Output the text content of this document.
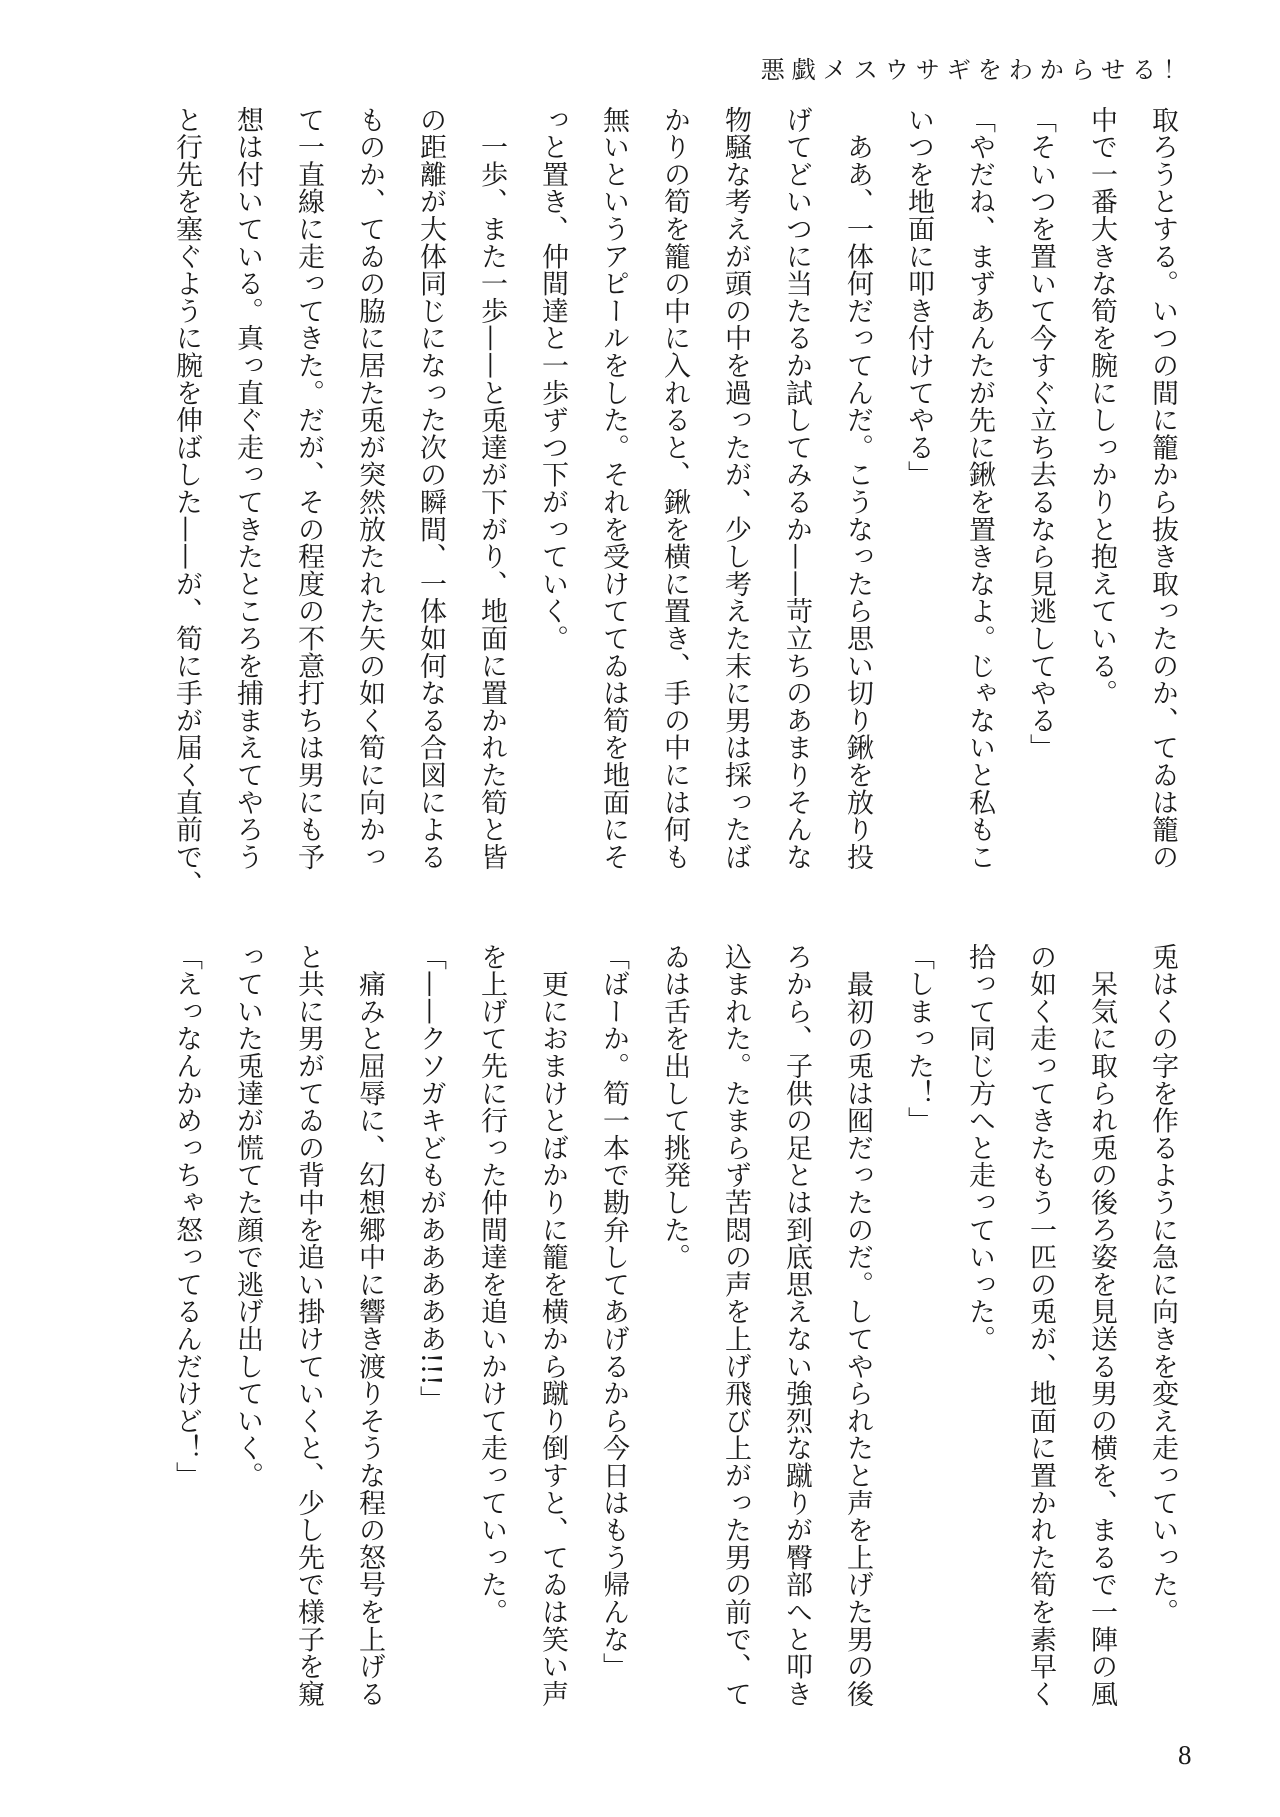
悪戯メスウサギをわからせる！
取ろうとする。いつの間に籠から抜き取ったのか、てゐは籠の
中で一番大きな筍を腕にしっかりと抱えている。
「そいつを置いて今すぐ立ち去るなら見逃してやる」
「やだね、まずあんたが先に鍬を置きなよ。じゃないと私もこ
いつを地面に叩き付けてやる」
　ああ、一体何だってんだ。こうなったら思い切り鍬を放り投
げてどいつに当たるか試してみるか——苛立ちのあまりそんな
物騒な考えが頭の中を過ったが、少し考えた末に男は採ったば
かりの筍を籠の中に入れると、鍬を横に置き、手の中には何も
無いというアピールをした。それを受けててゐは筍を地面にそ
っと置き、仲間達と一歩ずつ下がっていく。
　一歩、また一歩——と兎達が下がり、地面に置かれた筍と皆
の距離が大体同じになった次の瞬間、一体如何なる合図による
ものか、てゐの脇に居た兎が突然放たれた矢の如く筍に向かっ
て一直線に走ってきた。だが、その程度の不意打ちは男にも予
想は付いている。真っ直ぐ走ってきたところを捕まえてやろう
と行先を塞ぐように腕を伸ばした——が、筍に手が届く直前で、
兎はくの字を作るように急に向きを変え走っていった。
　呆気に取られ兎の後ろ姿を見送る男の横を、まるで一陣の風
の如く走ってきたもう一匹の兎が、地面に置かれた筍を素早く
拾って同じ方へと走っていった。
「しまった！」
　最初の兎は囮だったのだ。してやられたと声を上げた男の後
ろから、子供の足とは到底思えない強烈な蹴りが臀部へと叩き
込まれた。たまらず苦悶の声を上げ飛び上がった男の前で、て
ゐは舌を出して挑発した。
「ばーか。筍一本で勘弁してあげるから今日はもう帰んな」
　更におまけとばかりに籠を横から蹴り倒すと、てゐは笑い声
を上げて先に行った仲間達を追いかけて走っていった。
「——クソガキどもがあああああ!!!」
　痛みと屈辱に、幻想郷中に響き渡りそうな程の怒号を上げる
と共に男がてゐの背中を追い掛けていくと、少し先で様子を窺
っていた兎達が慌てた顔で逃げ出していく。
「えっなんかめっちゃ怒ってるんだけど！」
8
